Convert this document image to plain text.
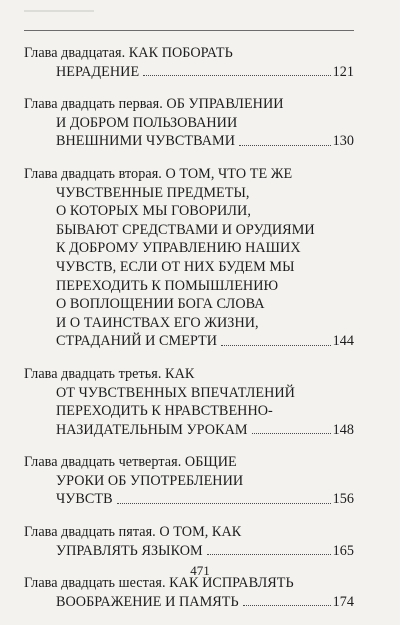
Глава двадцатая. КАК ПОБОРАТЬ
НЕРАДЕНИЕ	121
Глава двадцать первая. ОБ УПРАВЛЕНИИ
И ДОБРОМ ПОЛЬЗОВАНИИ
ВНЕШНИМИ ЧУВСТВАМИ	130
Глава двадцать вторая. О ТОМ, ЧТО ТЕ ЖЕ
ЧУВСТВЕННЫЕ ПРЕДМЕТЫ,
О КОТОРЫХ МЫ ГОВОРИЛИ,
БЫВАЮТ СРЕДСТВАМИ И ОРУДИЯМИ
К ДОБРОМУ УПРАВЛЕНИЮ НАШИХ
ЧУВСТВ, ЕСЛИ ОТ НИХ БУДЕМ МЫ
ПЕРЕХОДИТЬ К ПОМЫШЛЕНИЮ
О ВОПЛОЩЕНИИ БОГА СЛОВА
И О ТАИНСТВАХ ЕГО ЖИЗНИ,
СТРАДАНИЙ И СМЕРТИ	144
Глава двадцать третья. КАК
ОТ ЧУВСТВЕННЫХ ВПЕЧАТЛЕНИЙ
ПЕРЕХОДИТЬ К НРАВСТВЕННО-
НАЗИДАТЕЛЬНЫМ УРОКАМ	148
Глава двадцать четвертая. ОБЩИЕ
УРОКИ ОБ УПОТРЕБЛЕНИИ
ЧУВСТВ	156
Глава двадцать пятая. О ТОМ, КАК
УПРАВЛЯТЬ ЯЗЫКОМ	165
Глава двадцать шестая. КАК ИСПРАВЛЯТЬ
ВООБРАЖЕНИЕ И ПАМЯТЬ	174
471
